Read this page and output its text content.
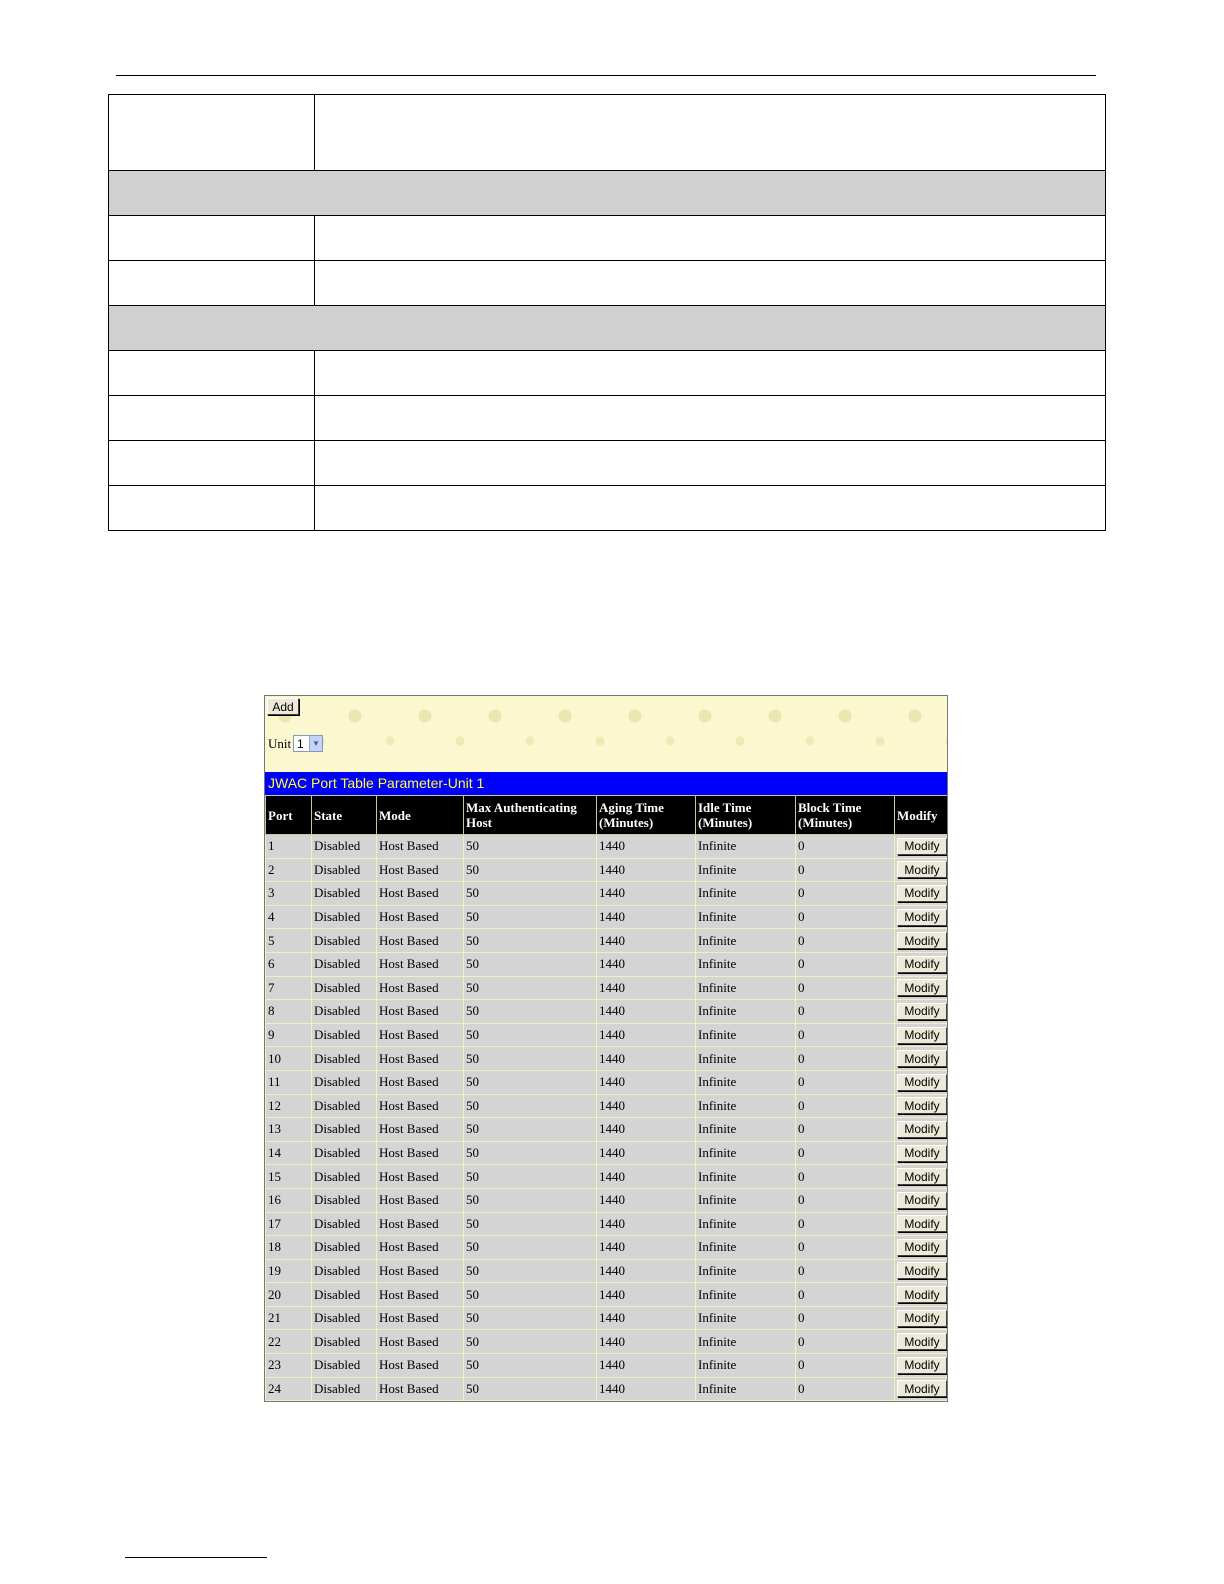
Add
Unit 1	▼
JWAC Port Table Parameter-Unit 1
Port	State	Mode	Max Authenticating Host	Aging Time (Minutes)	Idle Time (Minutes)	Block Time (Minutes)	Modify
1	Disabled	Host Based	50	1440	Infinite	0	Modify
2	Disabled	Host Based	50	1440	Infinite	0	Modify
3	Disabled	Host Based	50	1440	Infinite	0	Modify
4	Disabled	Host Based	50	1440	Infinite	0	Modify
5	Disabled	Host Based	50	1440	Infinite	0	Modify
6	Disabled	Host Based	50	1440	Infinite	0	Modify
7	Disabled	Host Based	50	1440	Infinite	0	Modify
8	Disabled	Host Based	50	1440	Infinite	0	Modify
9	Disabled	Host Based	50	1440	Infinite	0	Modify
10	Disabled	Host Based	50	1440	Infinite	0	Modify
11	Disabled	Host Based	50	1440	Infinite	0	Modify
12	Disabled	Host Based	50	1440	Infinite	0	Modify
13	Disabled	Host Based	50	1440	Infinite	0	Modify
14	Disabled	Host Based	50	1440	Infinite	0	Modify
15	Disabled	Host Based	50	1440	Infinite	0	Modify
16	Disabled	Host Based	50	1440	Infinite	0	Modify
17	Disabled	Host Based	50	1440	Infinite	0	Modify
18	Disabled	Host Based	50	1440	Infinite	0	Modify
19	Disabled	Host Based	50	1440	Infinite	0	Modify
20	Disabled	Host Based	50	1440	Infinite	0	Modify
21	Disabled	Host Based	50	1440	Infinite	0	Modify
22	Disabled	Host Based	50	1440	Infinite	0	Modify
23	Disabled	Host Based	50	1440	Infinite	0	Modify
24	Disabled	Host Based	50	1440	Infinite	0	Modify
